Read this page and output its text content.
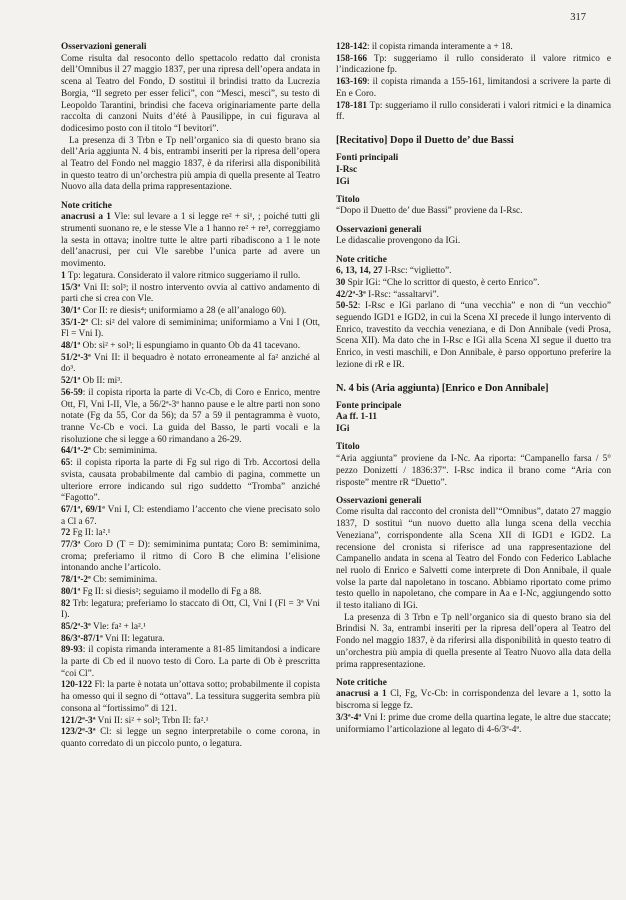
317

Osservazioni generali

Come risulta dal resoconto dello spettacolo redatto dal cronista dell’Omnibus il 27 maggio 1837, per una ripresa dell’opera andata in scena al Teatro del Fondo, D sostituì il brindisi tratto da Lucrezia Borgia, “Il segreto per esser felici”, con “Mesci, mesci”, su testo di Leopoldo Tarantini, brindisi che faceva originariamente parte della raccolta di canzoni Nuits d’été à Pausilippe, in cui figurava al dodicesimo posto con il titolo “I bevitori”.

La presenza di 3 Trbn e Tp nell’organico sia di questo brano sia dell’Aria aggiunta N. 4 bis, entrambi inseriti per la ripresa dell’opera al Teatro del Fondo nel maggio 1837, è da riferirsi alla disponibilità in questo teatro di un’orchestra più ampia di quella presente al Teatro Nuovo alla data della prima rappresentazione.

Note critiche

anacrusi a 1 Vle: sul levare a 1 si legge re² + si¹, ; poiché tutti gli strumenti suonano re, e le stesse Vle a 1 hanno re² + re³, correggiamo la sesta in ottava; inoltre tutte le altre parti ribadiscono a 1 le note dell’anacrusi, per cui Vle sarebbe l’unica parte ad avere un movimento.

1 Tp: legatura. Considerato il valore ritmico suggeriamo il rullo.

15/3ª Vni II: sol³; il nostro intervento ovvia al cattivo andamento di parti che si crea con Vle.

30/1ª Cor II: re diesis⁴; uniformiamo a 28 (e all’analogo 60).

35/1-2ª Cl: si² del valore di semiminima; uniformiamo a Vni I (Ott, Fl = Vni I).

48/1ª Ob: si² + sol³; li espungiamo in quanto Ob da 41 tacevano.

51/2ª-3ª Vni II: il bequadro è notato erroneamente al fa² anziché al do³.

52/1ª Ob II: mi³.

56-59: il copista riporta la parte di Vc-Cb, di Coro e Enrico, mentre Ott, Fl, Vni I-II, Vle, a 56/2ª-3ª hanno pause e le altre parti non sono notate (Fg da 55, Cor da 56); da 57 a 59 il pentagramma è vuoto, tranne Vc-Cb e voci. La guida del Basso, le parti vocali e la risoluzione che si legge a 60 rimandano a 26-29.

64/1ª-2ª Cb: semiminima.

65: il copista riporta la parte di Fg sul rigo di Trb. Accortosi della svista, causata probabilmente dal cambio di pagina, commette un ulteriore errore indicando sul rigo suddetto “Tromba” anziché “Fagotto”.

67/1ª, 69/1ª Vni I, Cl: estendiamo l’accento che viene precisato solo a Cl a 67.

72 Fg II: la².¹

77/3ª Coro D (T = D): semiminima puntata; Coro B: semiminima, croma; preferiamo il ritmo di Coro B che elimina l’elisione intonando anche l’articolo.

78/1ª-2ª Cb: semiminima.

80/1ª Fg II: si diesis²; seguiamo il modello di Fg a 88.

82 Trb: legatura; preferiamo lo staccato di Ott, Cl, Vni I (Fl = 3ª Vni I).

85/2ª-3ª Vle: fa² + la².¹

86/3ª-87/1ª Vni II: legatura.

89-93: il copista rimanda interamente a 81-85 limitandosi a indicare la parte di Cb ed il nuovo testo di Coro. La parte di Ob è prescritta “coi Cl”.

120-122 Fl: la parte è notata un’ottava sotto; probabilmente il copista ha omesso qui il segno di “ottava”. La tessitura suggerita sembra più consona al “fortissimo” di 121.

121/2ª-3ª Vni II: si² + sol³; Trbn II: fa².¹

123/2ª-3ª Cl: si legge un segno interpretabile o come corona, in quanto corredato di un piccolo punto, o legatura.

128-142: il copista rimanda interamente a + 18.

158-166 Tp: suggeriamo il rullo considerato il valore ritmico e l’indicazione fp.

163-169: il copista rimanda a 155-161, limitandosi a scrivere la parte di En e Coro.

178-181 Tp: suggeriamo il rullo considerati i valori ritmici e la dinamica ff.

[Recitativo] Dopo il Duetto de’ due Bassi

Fonti principali

I-Rsc

IGi

Titolo

“Dopo il Duetto de’ due Bassi” proviene da I-Rsc.

Osservazioni generali

Le didascalie provengono da IGi.

Note critiche

6, 13, 14, 27 I-Rsc: “viglietto”.

30 Spir IGi: “Che lo scrittor di questo, è certo Enrico”.

42/2ª-3ª I-Rsc: “assaltarvi”.

50-52: I-Rsc e IGi parlano di “una vecchia” e non di “un vecchio” seguendo IGD1 e IGD2, in cui la Scena XI precede il lungo intervento di Enrico, travestito da vecchia veneziana, e di Don Annibale (vedi Prosa, Scena XII). Ma dato che in I-Rsc e IGi alla Scena XI segue il duetto tra Enrico, in vesti maschili, e Don Annibale, è parso opportuno preferire la lezione di rR e IR.

N. 4 bis (Aria aggiunta) [Enrico e Don Annibale]

Fonte principale

Aa ff. 1-11

IGi

Titolo

“Aria aggiunta” proviene da I-Nc. Aa riporta: “Campanello farsa / 5° pezzo Donizetti / 1836:37”. I-Rsc indica il brano come “Aria con risposte” mentre rR “Duetto”.

Osservazioni generali

Come risulta dal racconto del cronista dell’“Omnibus”, datato 27 maggio 1837, D sostituì “un nuovo duetto alla lunga scena della vecchia Veneziana”, corrispondente alla Scena XII di IGD1 e IGD2. La recensione del cronista si riferisce ad una rappresentazione del Campanello andata in scena al Teatro del Fondo con Federico Lablache nel ruolo di Enrico e Salvetti come interprete di Don Annibale, il quale volse la parte dal napoletano in toscano. Abbiamo riportato come primo testo quello in napoletano, che compare in Aa e I-Nc, aggiungendo sotto il testo italiano di IGi.

La presenza di 3 Trbn e Tp nell’organico sia di questo brano sia del Brindisi N. 3a, entrambi inseriti per la ripresa dell’opera al Teatro del Fondo nel maggio 1837, è da riferirsi alla disponibilità in questo teatro di un’orchestra più ampia di quella presente al Teatro Nuovo alla data della prima rappresentazione.

Note critiche

anacrusi a 1 Cl, Fg, Vc-Cb: in corrispondenza del levare a 1, sotto la biscroma si legge fz.

3/3ª-4ª Vni I: prime due crome della quartina legate, le altre due staccate; uniformiamo l’articolazione al legato di 4-6/3ª-4ª.
